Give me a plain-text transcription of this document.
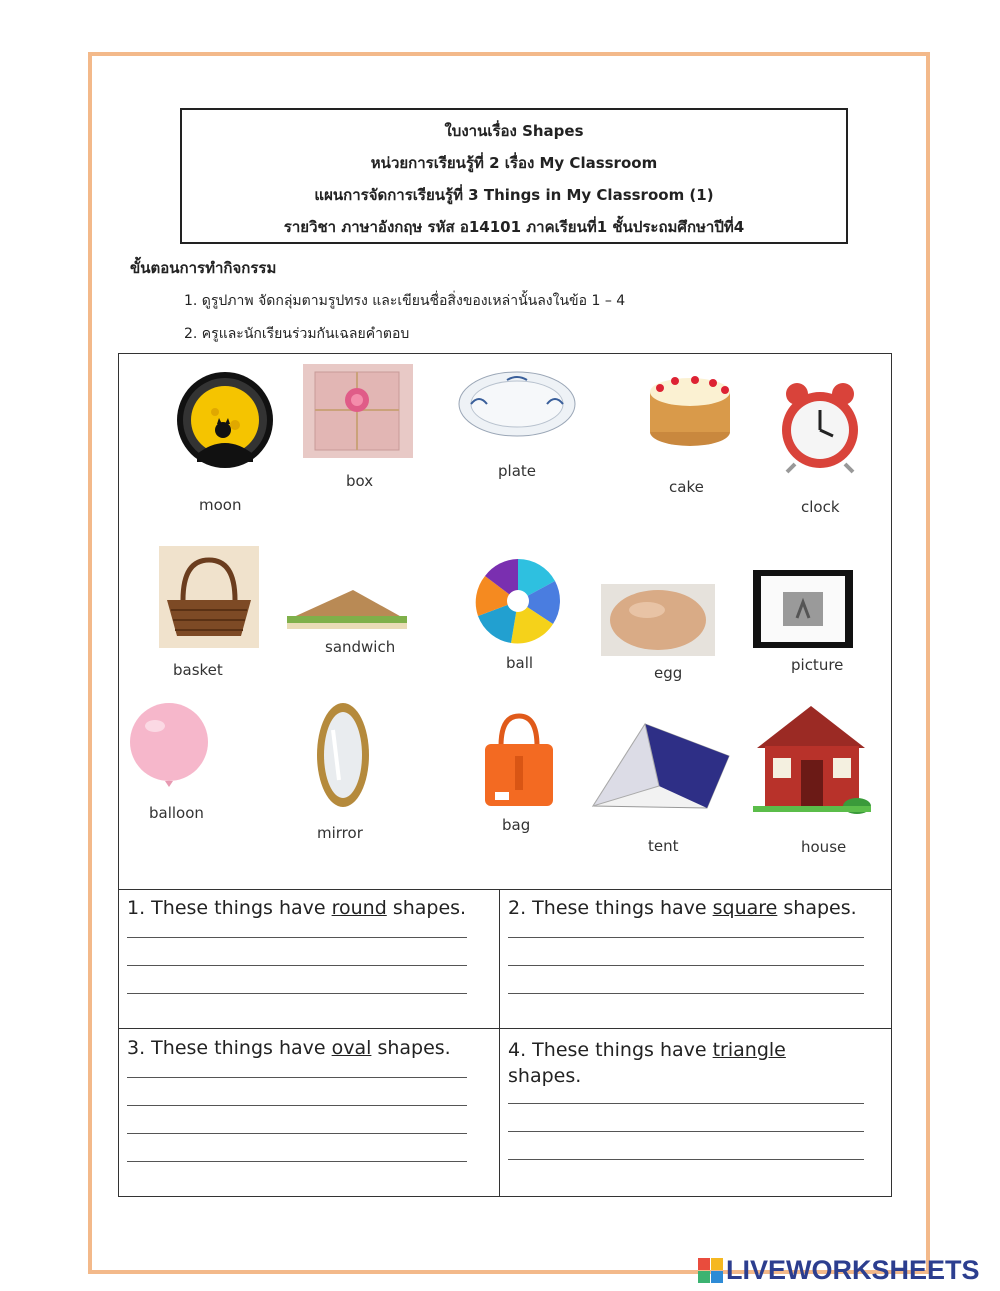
ใบงานเรื่อง Shapes
หน่วยการเรียนรู้ที่ 2 เรื่อง My Classroom
แผนการจัดการเรียนรู้ที่ 3 Things in My Classroom (1)
รายวิชา ภาษาอังกฤษ รหัส อ14101 ภาคเรียนที่1 ชั้นประถมศึกษาปีที่4
ขั้นตอนการทำกิจกรรม
1. ดูรูปภาพ จัดกลุ่มตามรูปทรง และเขียนชื่อสิ่งของเหล่านั้นลงในข้อ 1 – 4
2. ครูและนักเรียนร่วมกันเฉลยคำตอบ
moon
box
plate
cake
clock
basket
sandwich
ball
egg	picture
balloon
mirror	bag
tent	house
1. These things have round shapes. 2. These things have square shapes.
3. These things have oval shapes.	4. These things have triangle shapes.
LIVEWORKSHEETS
